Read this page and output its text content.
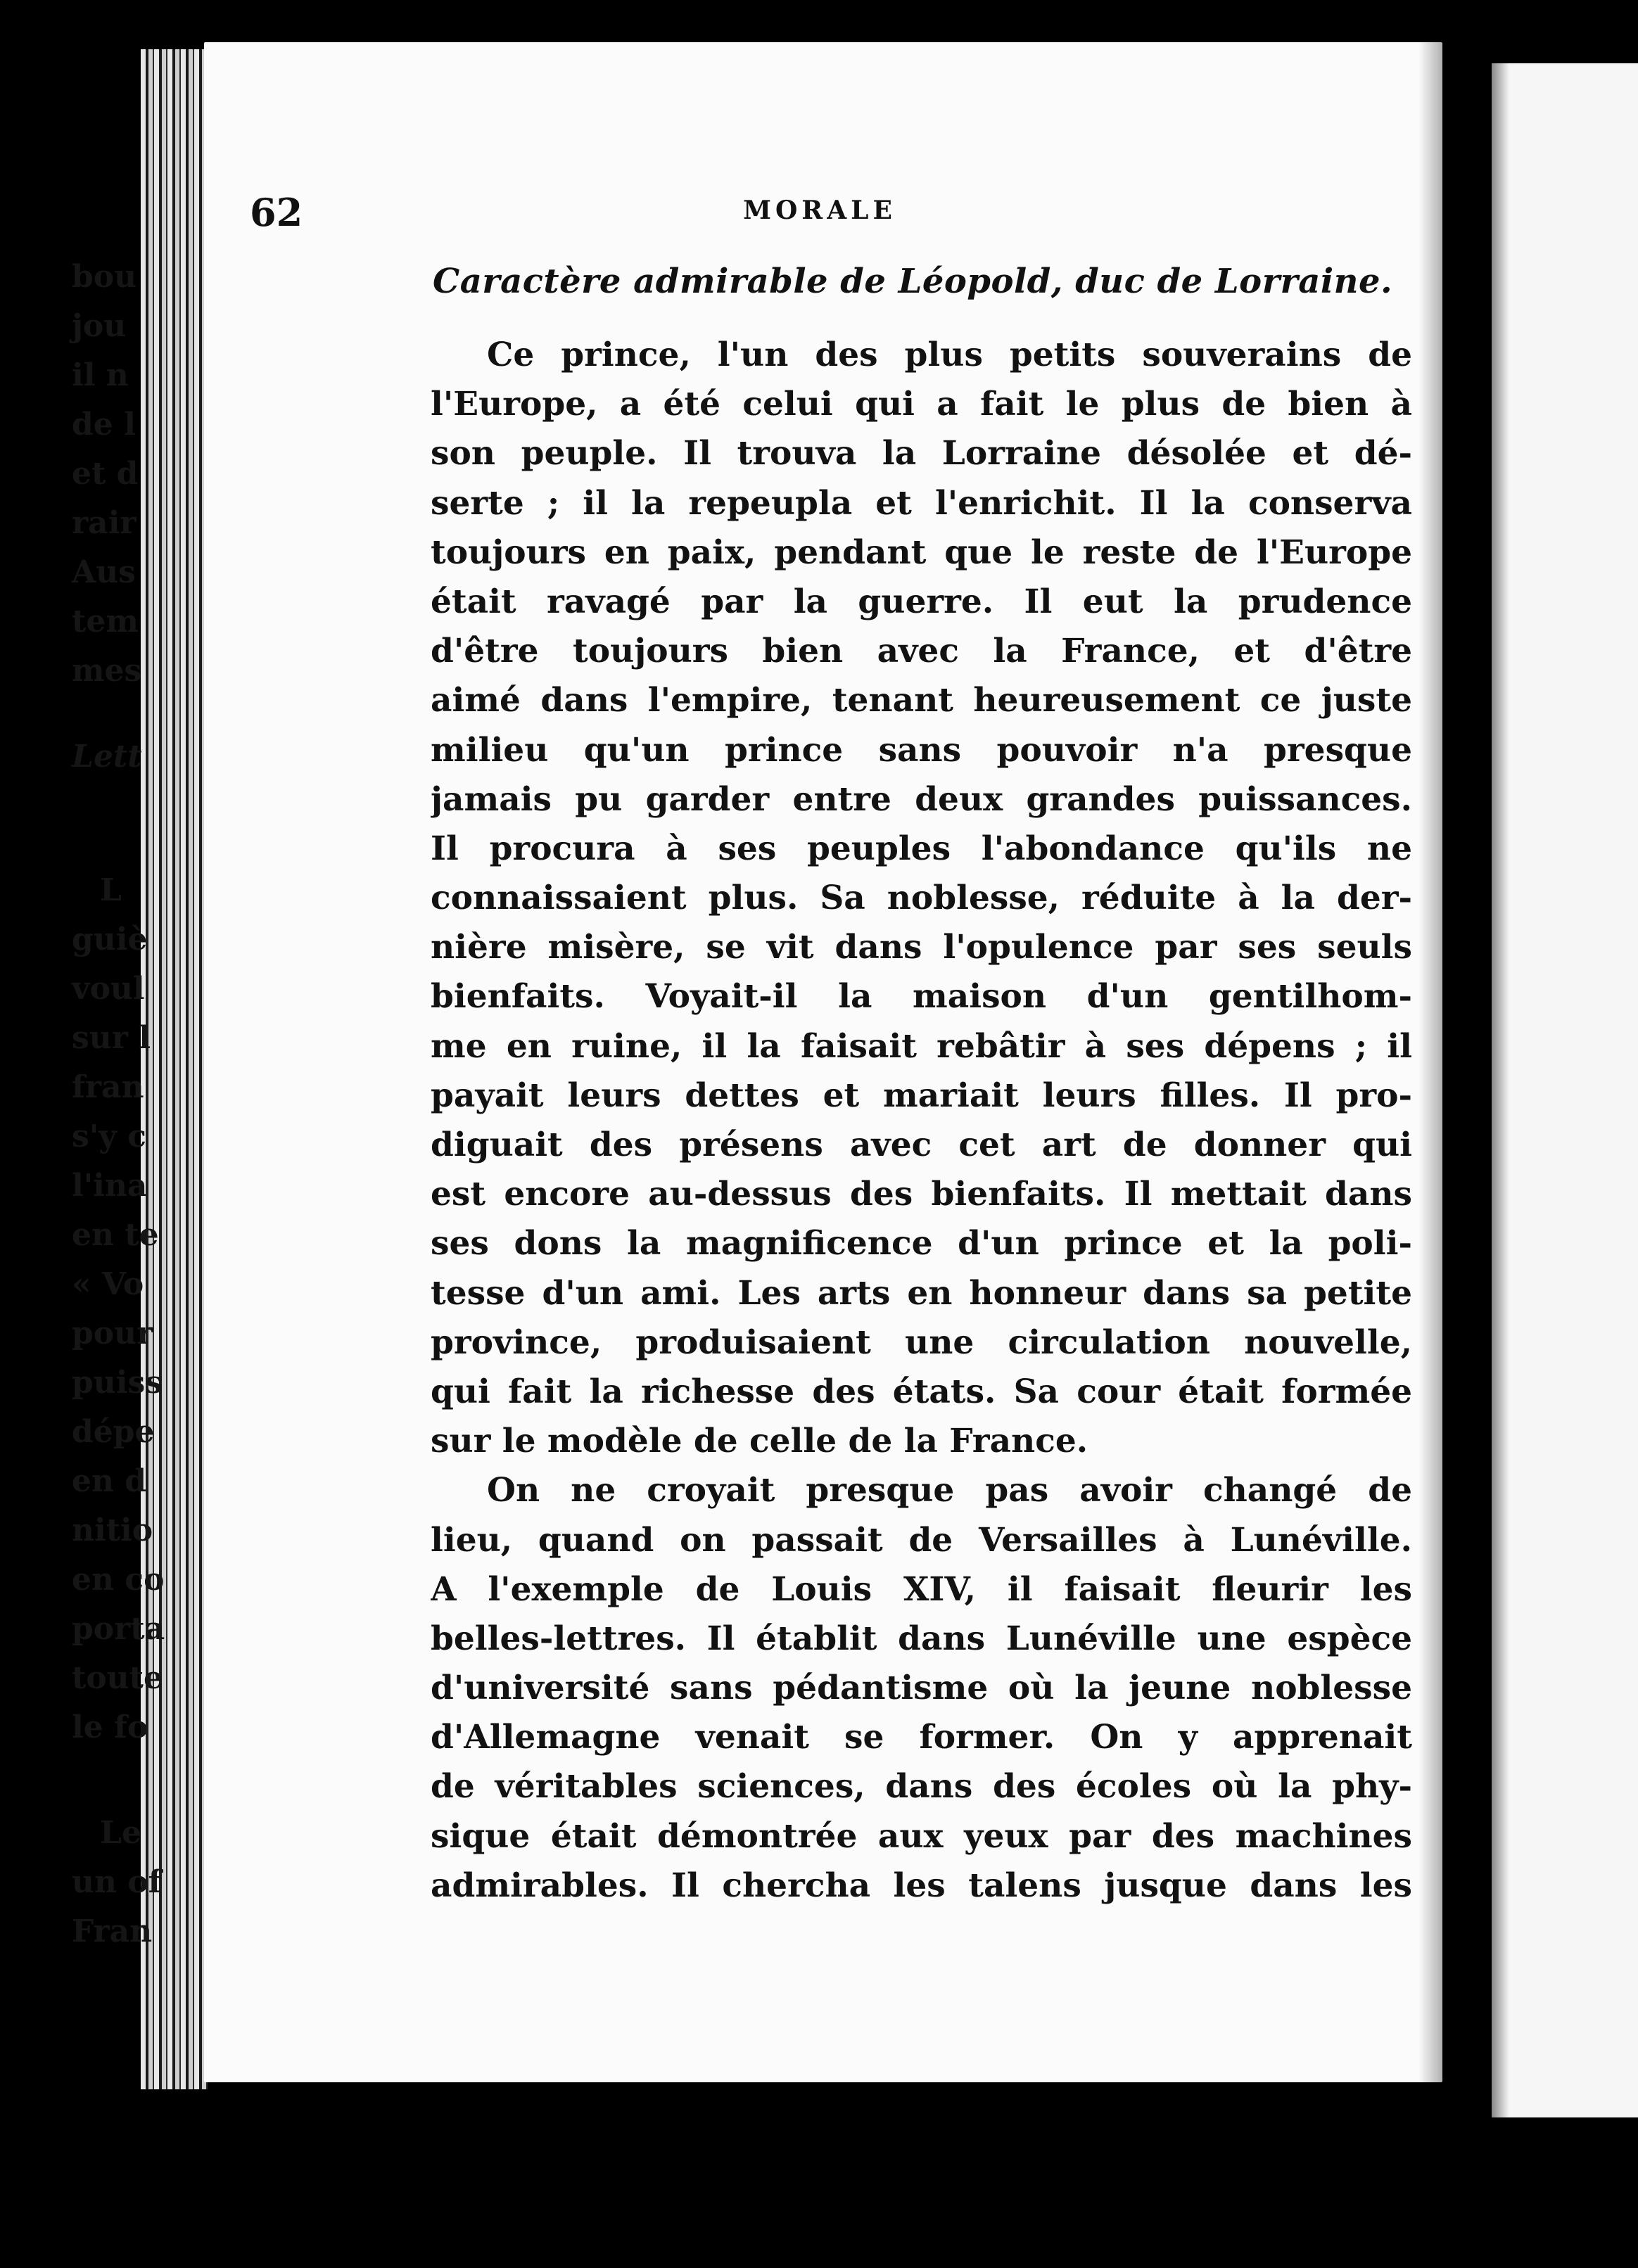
62	MORALE
Caractère admirable de Léopold, duc de Lorraine.
Ce prince, l'un des plus petits souverains de
l'Europe, a été celui qui a fait le plus de bien à
son peuple. Il trouva la Lorraine désolée et dé-
serte ; il la repeupla et l'enrichit. Il la conserva
toujours en paix, pendant que le reste de l'Europe
était ravagé par la guerre. Il eut la prudence
d'être toujours bien avec la France, et d'être
aimé dans l'empire, tenant heureusement ce juste
milieu qu'un prince sans pouvoir n'a presque
jamais pu garder entre deux grandes puissances.
Il procura à ses peuples l'abondance qu'ils ne
connaissaient plus. Sa noblesse, réduite à la der-
nière misère, se vit dans l'opulence par ses seuls
bienfaits. Voyait-il la maison d'un gentilhom-
me en ruine, il la faisait rebâtir à ses dépens ; il
payait leurs dettes et mariait leurs filles. Il pro-
diguait des présens avec cet art de donner qui
est encore au-dessus des bienfaits. Il mettait dans
ses dons la magnificence d'un prince et la poli-
tesse d'un ami. Les arts en honneur dans sa petite
province, produisaient une circulation nouvelle,
qui fait la richesse des états. Sa cour était formée
sur le modèle de celle de la France.
On ne croyait presque pas avoir changé de
lieu, quand on passait de Versailles à Lunéville.
A l'exemple de Louis XIV, il faisait fleurir les
belles-lettres. Il établit dans Lunéville une espèce
d'université sans pédantisme où la jeune noblesse
d'Allemagne venait se former. On y apprenait
de véritables sciences, dans des écoles où la phy-
sique était démontrée aux yeux par des machines
admirables. Il chercha les talens jusque dans les
bou
jou
il n
de l
et d
rair
Aus
tem
mes
Lett
L
guiè
voul
sur l
fran
s'y c
l'ina
en te
« Vo
pour
puiss
dépe
en d
nitio
en co
porta
toute
le fo
Le
un of
Fran
